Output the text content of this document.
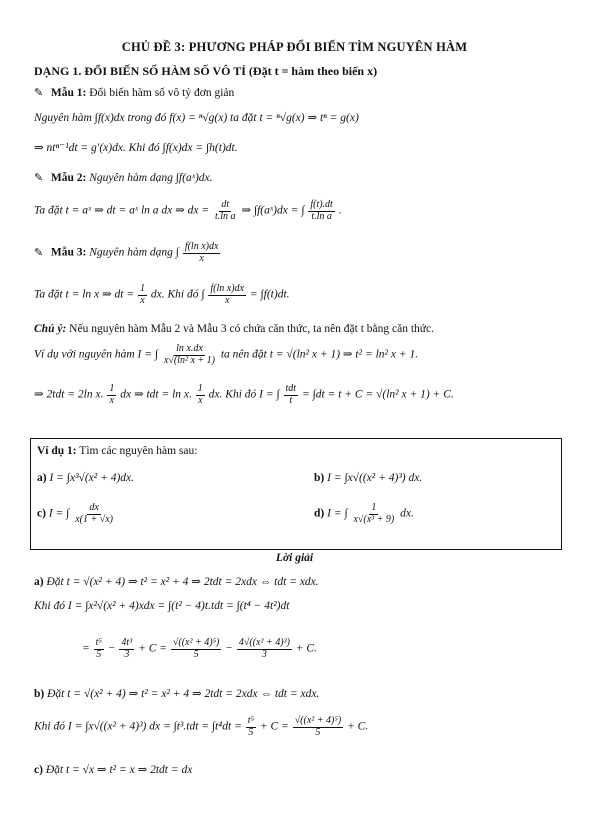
CHỦ ĐỀ 3: PHƯƠNG PHÁP ĐỔI BIẾN TÌM NGUYÊN HÀM
DẠNG 1. ĐỔI BIẾN SỐ HÀM SỐ VÔ TỈ (Đặt t = hàm theo biến x)
✎ Mẫu 1: Đổi biến hàm số vô tỷ đơn giản
Nguyên hàm ∫f(x)dx trong đó f(x) = ⁿ√g(x) ta đặt t = ⁿ√g(x) ⇒ tⁿ = g(x)
⇒ ntⁿ⁻¹dt = g′(x)dx. Khi đó ∫f(x)dx = ∫h(t)dt.
✎ Mẫu 2: Nguyên hàm dạng ∫f(aˣ)dx.
Ta đặt t = aˣ ⇒ dt = aˣ ln a dx ⇒ dx = $\frac{dt}{\text{t.ln a}}$ ⇒ ∫f(aˣ)dx = ∫ $\frac{f(t).dt}{\text{t.ln a}}$ .
✎ Mẫu 3: Nguyên hàm dạng ∫ $\frac{\text{f(ln x)dx}}{x}$
Ta đặt t = ln x ⇒ dt = $\frac{1}{x}$ dx. Khi đó ∫ $\frac{\text{f(ln x)dx}}{x} = \int f(t)dt$.
Chú ý: Nếu nguyên hàm Mẫu 2 và Mẫu 3 có chứa căn thức, ta nên đặt t bằng căn thức.
Ví dụ với nguyên hàm I = ∫ $\frac{\text{ln x.dx}}{\text{x√(ln² x + 1)}}$ ta nên đặt t = √(ln² x + 1) ⇒ t² = ln² x + 1.
⇒ 2tdt = 2ln x. $\frac{1}{x}$ dx ⇒ tdt = ln x. $\frac{1}{x}$ dx. Khi đó I = ∫ $\frac{\text{tdt}}{t} = \int dt = t + C = √(\ln^2$ x + 1) + C.
Ví dụ 1: Tìm các nguyên hàm sau:
a) I = ∫x³√(x² + 4)dx.	b) I = ∫x√((x² + 4)³) dx.
c) I = ∫ $\frac{dx}{x(1 + √x)}$	d) I = ∫ $\frac{1}{\text{x√(x³ + 9)}}$ dx.
Lời giải
a) Đặt t = √(x² + 4) ⇒ t² = x² + 4 ⇒ 2tdt = 2xdx ⇔ tdt = xdx.
Khi đó I = ∫x²√(x² + 4)xdx = ∫(t² − 4)t.tdt = ∫(t⁴ − 4t²)dt
= $\frac{\text{t⁵}}{5} - \frac{\text{4t³}}{3} + C = \frac{\text{√((x² + 4)⁵)}}{5} - \frac{\text{4√((x² + 4)³)}}{3} + C$.
b) Đặt t = √(x² + 4) ⇒ t² = x² + 4 ⇒ 2tdt = 2xdx ⇔ tdt = xdx.
Khi đó I = ∫x√((x² + 4)³) dx = $\int t^3.tdt = \int t^4dt = \frac{\text{t⁵}}{5} + C = \frac{\text{√((x² + 4)⁵)}}{5} + C$.
c) Đặt t = √x ⇒ t² = x ⇒ 2tdt = dx
